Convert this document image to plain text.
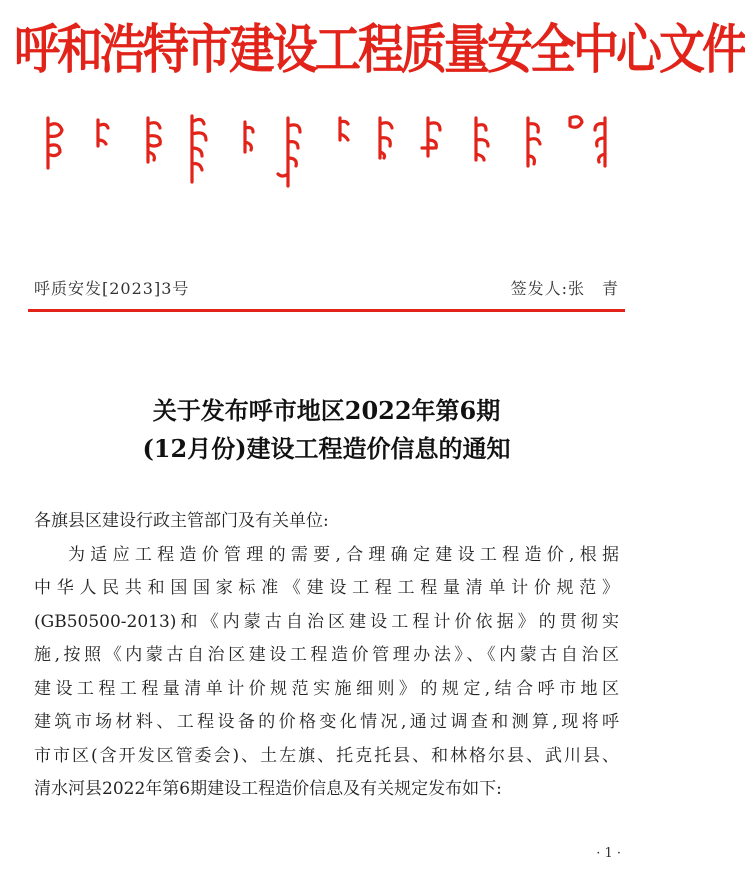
呼和浩特市建设工程质量安全中心文件
呼质安发[2023]3号	签发人:张　青
关于发布呼市地区2022年第6期
(12月份)建设工程造价信息的通知

各旗县区建设行政主管部门及有关单位:

为适应工程造价管理的需要,合理确定建设工程造价,根据

中华人民共和国国家标准《建设工程工程量清单计价规范》

(GB50500-2013)和《内蒙古自治区建设工程计价依据》的贯彻实

施,按照《内蒙古自治区建设工程造价管理办法》、《内蒙古自治区

建设工程工程量清单计价规范实施细则》的规定,结合呼市地区

建筑市场材料、工程设备的价格变化情况,通过调查和测算,现将呼

市市区(含开发区管委会)、土左旗、托克托县、和林格尔县、武川县、

清水河县2022年第6期建设工程造价信息及有关规定发布如下:

· 1 ·
